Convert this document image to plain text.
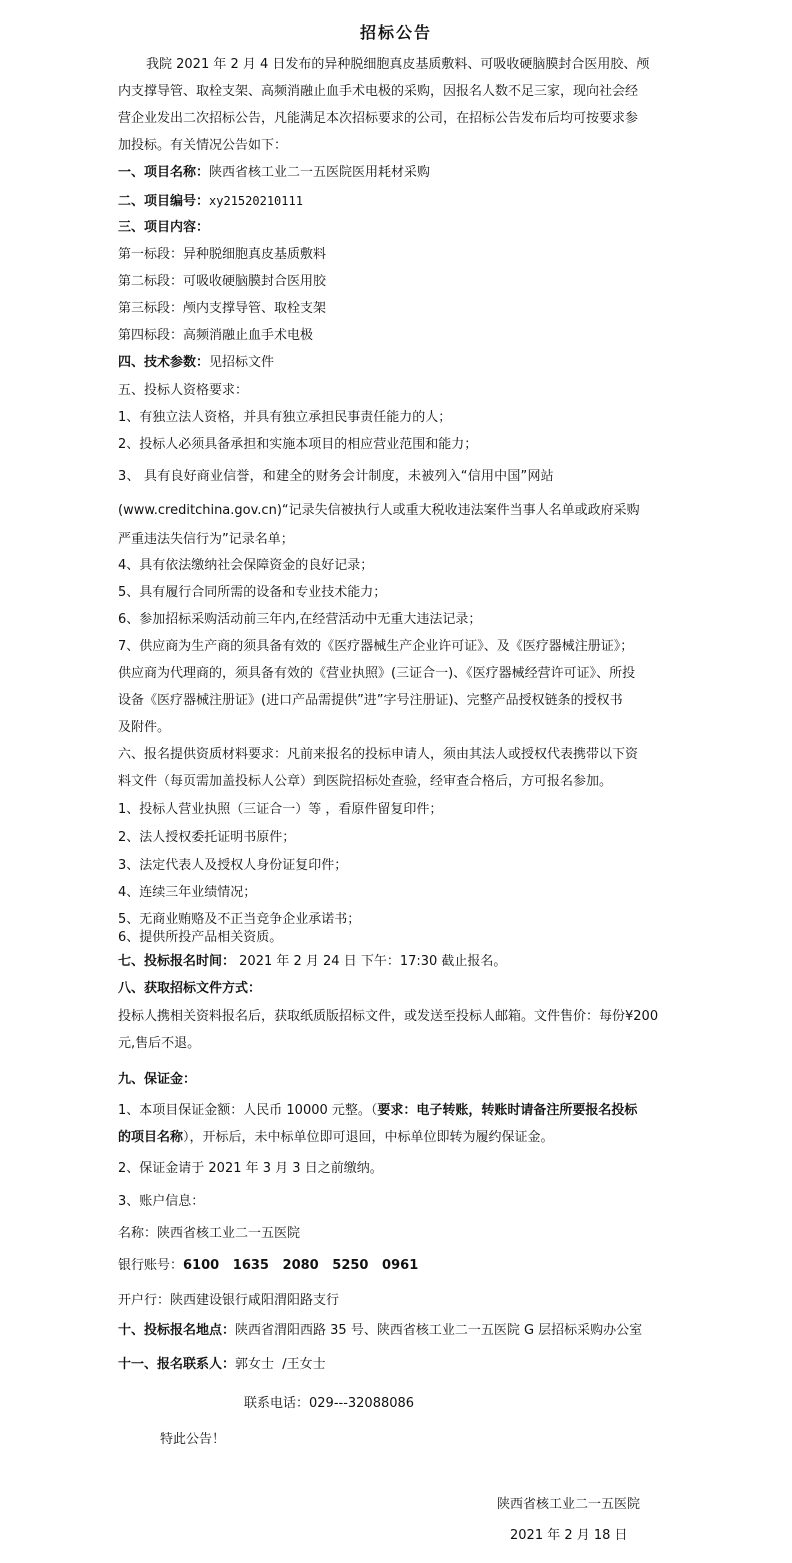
招标公告
我院 2021 年 2 月 4 日发布的异种脱细胞真皮基质敷料、可吸收硬脑膜封合医用胶、颅
内支撑导管、取栓支架、高频消融止血手术电极的采购，因报名人数不足三家，现向社会经
营企业发出二次招标公告，凡能满足本次招标要求的公司，在招标公告发布后均可按要求参
加投标。有关情况公告如下：
一、项目名称：陕西省核工业二一五医院医用耗材采购
二、项目编号：xy21520210111
三、项目内容：
第一标段：异种脱细胞真皮基质敷料
第二标段：可吸收硬脑膜封合医用胶
第三标段：颅内支撑导管、取栓支架
第四标段：高频消融止血手术电极
四、技术参数：见招标文件
五、投标人资格要求：
1、有独立法人资格，并具有独立承担民事责任能力的人；
2、投标人必须具备承担和实施本项目的相应营业范围和能力；
3、 具有良好商业信誉，和建全的财务会计制度，未被列入“信用中国”网站
(www.creditchina.gov.cn)“记录失信被执行人或重大税收违法案件当事人名单或政府采购
严重违法失信行为”记录名单；
4、具有依法缴纳社会保障资金的良好记录；
5、具有履行合同所需的设备和专业技术能力；
6、参加招标采购活动前三年内,在经营活动中无重大违法记录；
7、供应商为生产商的须具备有效的《医疗器械生产企业许可证》、及《医疗器械注册证》；
供应商为代理商的，须具备有效的《营业执照》(三证合一)、《医疗器械经营许可证》、所投
设备《医疗器械注册证》(进口产品需提供”进”字号注册证)、完整产品授权链条的授权书
及附件。
六、报名提供资质材料要求：凡前来报名的投标申请人，须由其法人或授权代表携带以下资
料文件（每页需加盖投标人公章）到医院招标处查验，经审查合格后，方可报名参加。
1、投标人营业执照（三证合一）等 ，看原件留复印件；
2、法人授权委托证明书原件；
3、法定代表人及授权人身份证复印件；
4、连续三年业绩情况；
5、无商业贿赂及不正当竞争企业承诺书；
6、提供所投产品相关资质。
七、投标报名时间： 2021 年 2 月 24 日 下午：17:30 截止报名。
八、获取招标文件方式：
投标人携相关资料报名后，获取纸质版招标文件，或发送至投标人邮箱。文件售价：每份¥200
元,售后不退。
九、保证金：
1、本项目保证金额：人民币 10000 元整。（要求：电子转账，转账时请备注所要报名投标
的项目名称），开标后，未中标单位即可退回，中标单位即转为履约保证金。
2、保证金请于 2021 年 3 月 3 日之前缴纳。
3、账户信息：
名称：陕西省核工业二一五医院
银行账号：6100   1635   2080   5250   0961
开户行：陕西建设银行咸阳渭阳路支行
十、投标报名地点：陕西省渭阳西路 35 号、陕西省核工业二一五医院 G 层招标采购办公室
十一、报名联系人：郭女士  /王女士
联系电话：029---32088086
特此公告！
陕西省核工业二一五医院
2021 年 2 月 18 日
